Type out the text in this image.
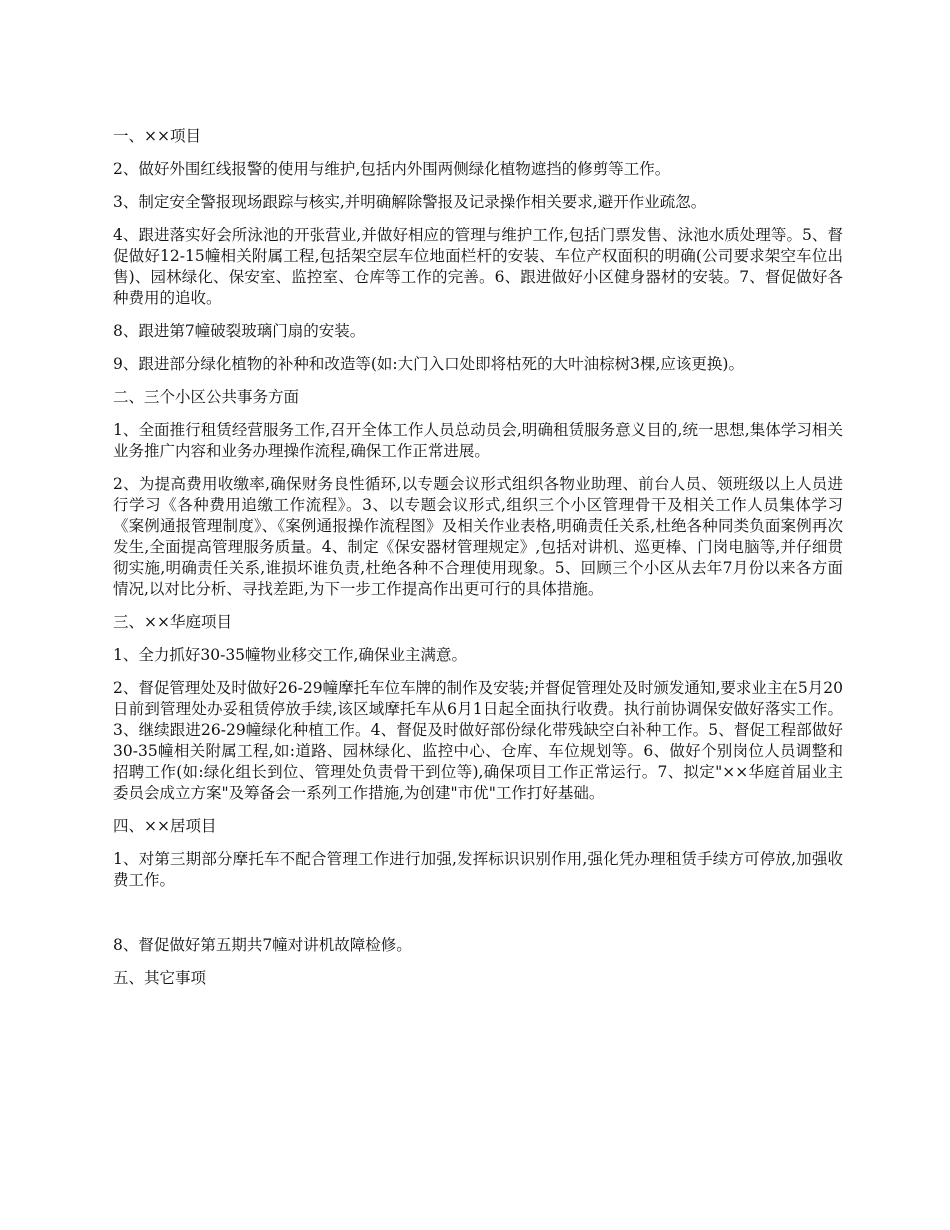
一、××项目

2、做好外围红线报警的使用与维护,包括内外围两侧绿化植物遮挡的修剪等工作。

3、制定安全警报现场跟踪与核实,并明确解除警报及记录操作相关要求,避开作业疏忽。

4、跟进落实好会所泳池的开张营业,并做好相应的管理与维护工作,包括门票发售、泳池水质处理等。5、督促做好12-15幢相关附属工程,包括架空层车位地面栏杆的安装、车位产权面积的明确(公司要求架空车位出售)、园林绿化、保安室、监控室、仓库等工作的完善。6、跟进做好小区健身器材的安装。7、督促做好各种费用的追收。

8、跟进第7幢破裂玻璃门扇的安装。

9、跟进部分绿化植物的补种和改造等(如:大门入口处即将枯死的大叶油棕树3棵,应该更换)。

二、三个小区公共事务方面

1、全面推行租赁经营服务工作,召开全体工作人员总动员会,明确租赁服务意义目的,统一思想,集体学习相关业务推广内容和业务办理操作流程,确保工作正常进展。

2、为提高费用收缴率,确保财务良性循环,以专题会议形式组织各物业助理、前台人员、领班级以上人员进行学习《各种费用追缴工作流程》。3、以专题会议形式,组织三个小区管理骨干及相关工作人员集体学习《案例通报管理制度》、《案例通报操作流程图》及相关作业表格,明确责任关系,杜绝各种同类负面案例再次发生,全面提高管理服务质量。4、制定《保安器材管理规定》,包括对讲机、巡更棒、门岗电脑等,并仔细贯彻实施,明确责任关系,谁损坏谁负责,杜绝各种不合理使用现象。5、回顾三个小区从去年7月份以来各方面情况,以对比分析、寻找差距,为下一步工作提高作出更可行的具体措施。

三、××华庭项目

1、全力抓好30-35幢物业移交工作,确保业主满意。

2、督促管理处及时做好26-29幢摩托车位车牌的制作及安装;并督促管理处及时颁发通知,要求业主在5月20日前到管理处办妥租赁停放手续,该区域摩托车从6月1日起全面执行收费。执行前协调保安做好落实工作。3、继续跟进26-29幢绿化种植工作。4、督促及时做好部份绿化带残缺空白补种工作。5、督促工程部做好30-35幢相关附属工程,如:道路、园林绿化、监控中心、仓库、车位规划等。6、做好个别岗位人员调整和招聘工作(如:绿化组长到位、管理处负责骨干到位等),确保项目工作正常运行。7、拟定"××华庭首届业主委员会成立方案"及筹备会一系列工作措施,为创建"市优"工作打好基础。

四、××居项目

1、对第三期部分摩托车不配合管理工作进行加强,发挥标识识别作用,强化凭办理租赁手续方可停放,加强收费工作。

8、督促做好第五期共7幢对讲机故障检修。

五、其它事项
